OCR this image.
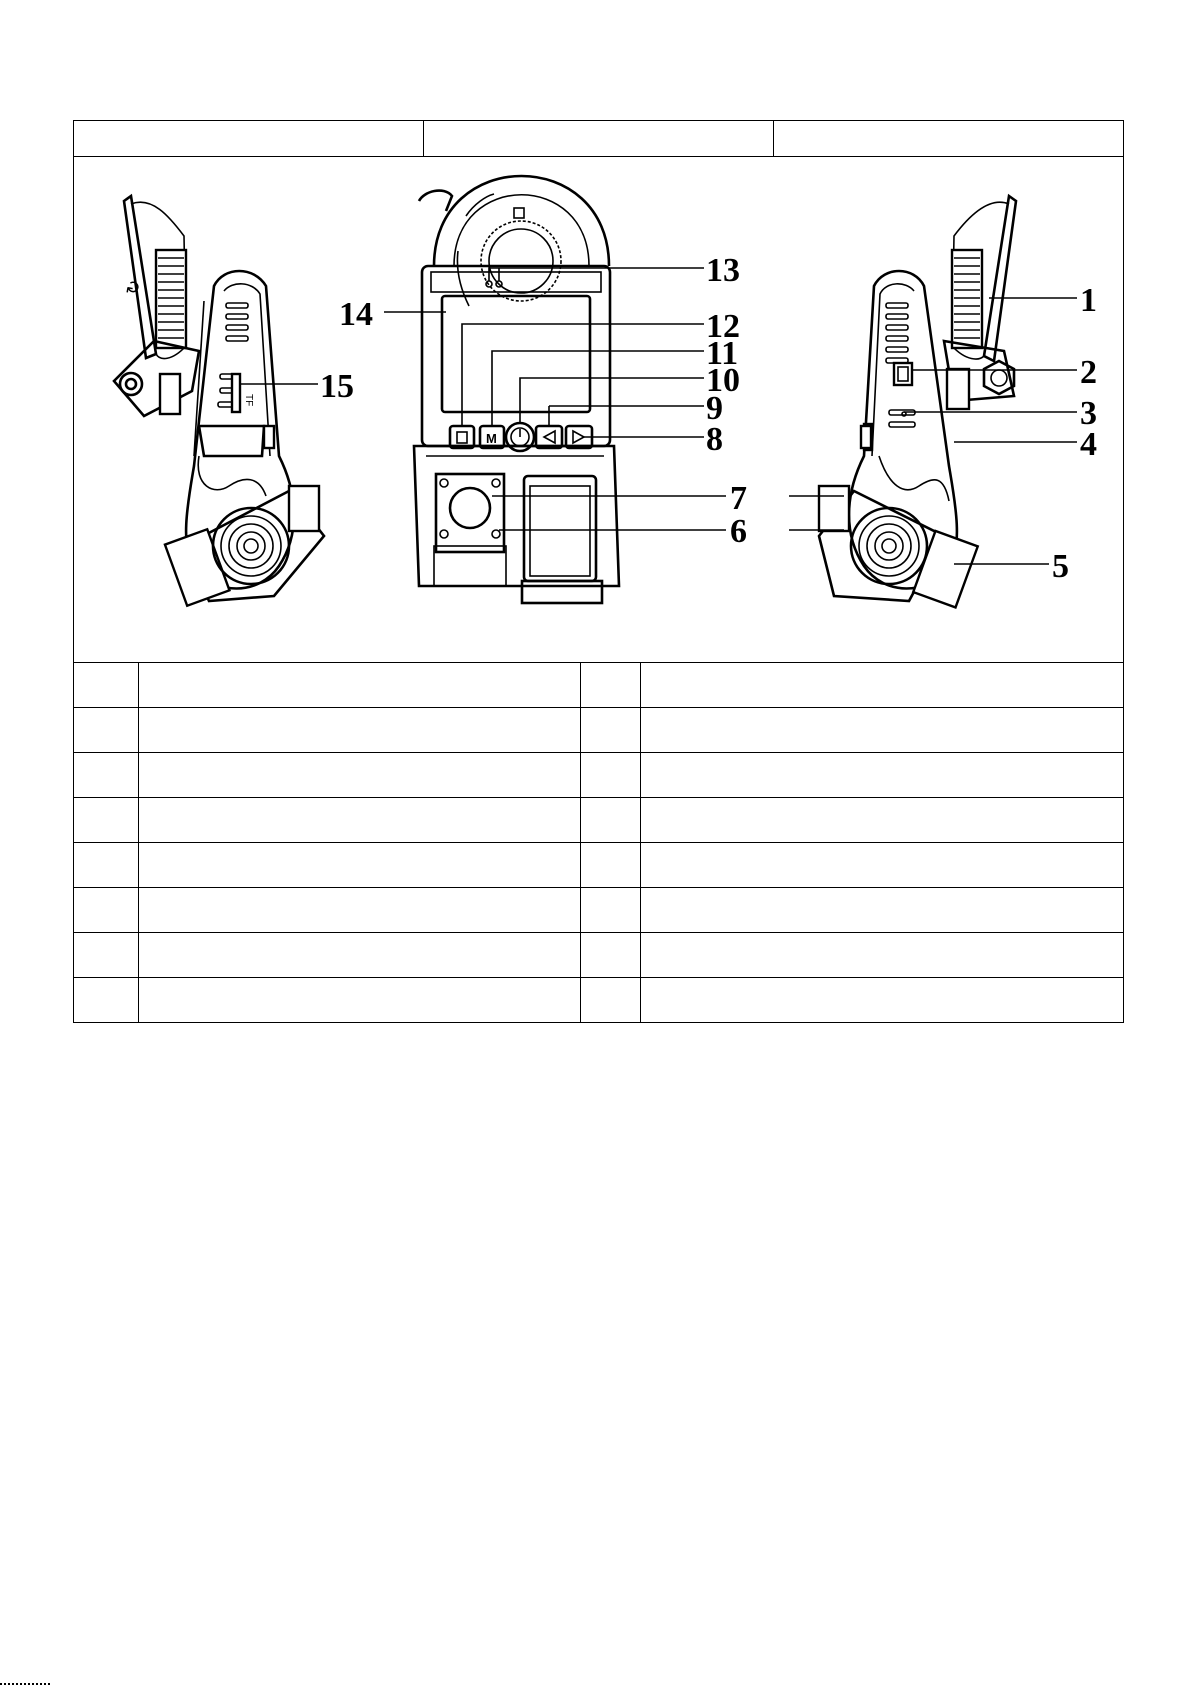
↻
TF
M
1
2
3
4
5
6
7
8
9
10
11
12
13
14
15
